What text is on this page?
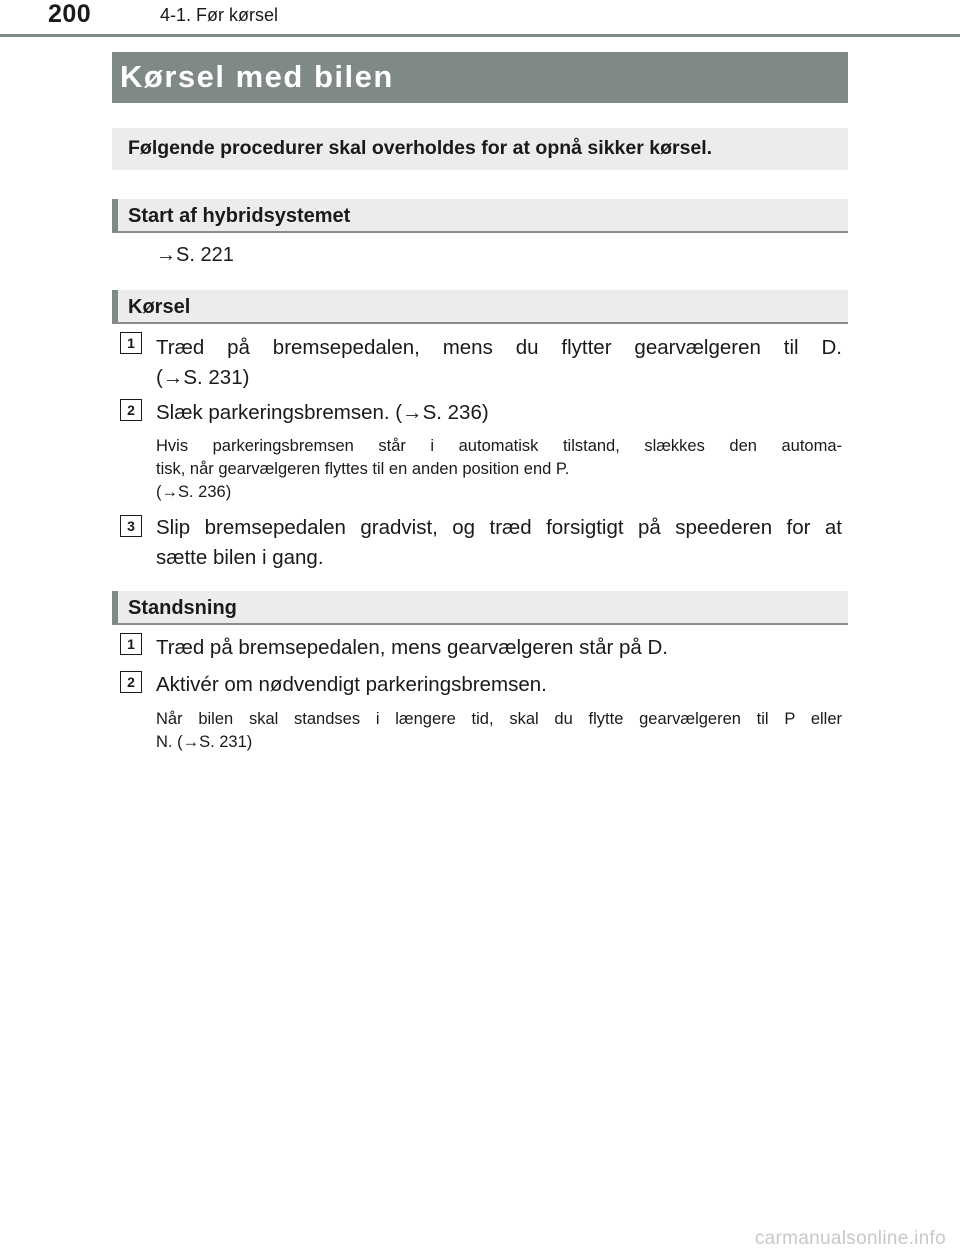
200	4-1. Før kørsel
Kørsel med bilen
Følgende procedurer skal overholdes for at opnå sikker kørsel.
Start af hybridsystemet
→S. 221
Kørsel
1	Træd på bremsepedalen, mens du flytter gearvælgeren til D.
(→S. 231)
2	Slæk parkeringsbremsen. (→S. 236)
Hvis parkeringsbremsen står i automatisk tilstand, slækkes den automa-
tisk, når gearvælgeren flyttes til en anden position end P.
(→S. 236)
3	Slip bremsepedalen gradvist, og træd forsigtigt på speederen for at
sætte bilen i gang.
Standsning
1	Træd på bremsepedalen, mens gearvælgeren står på D.
2	Aktivér om nødvendigt parkeringsbremsen.
Når bilen skal standses i længere tid, skal du flytte gearvælgeren til P eller
N. (→S. 231)
carmanualsonline.info
